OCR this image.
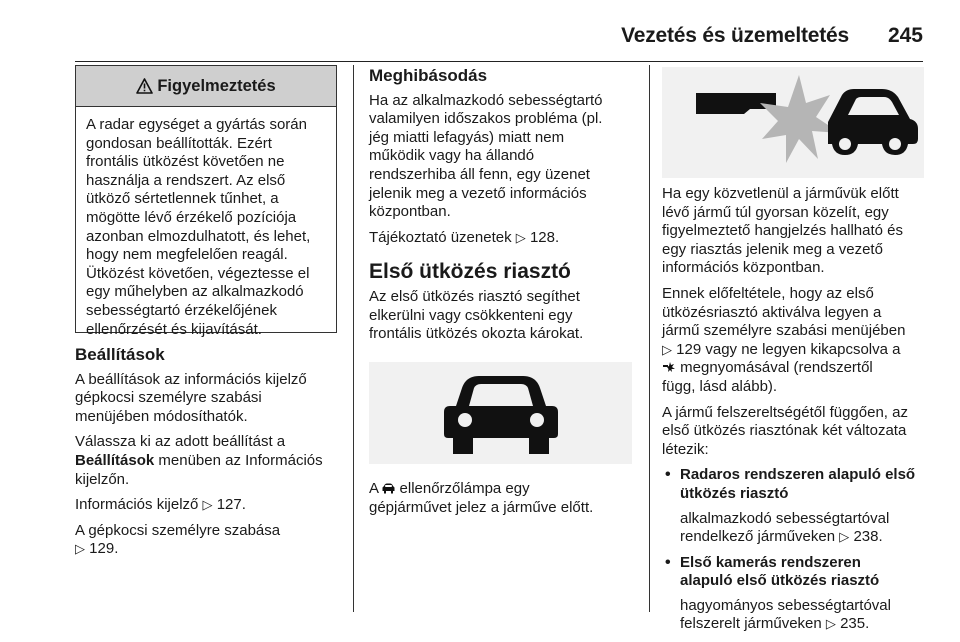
Vezetés és üzemeltetés 245
Figyelmeztetés
A radar egységet a gyártás során
gondosan beállították. Ezért
frontális ütközést követően ne
használja a rendszert. Az első
ütköző sértetlennek tűnhet, a
mögötte lévő érzékelő pozíciója
azonban elmozdulhatott, és lehet,
hogy nem megfelelően reagál.
Ütközést követően, végeztesse el
egy műhelyben az alkalmazkodó
sebességtartó érzékelőjének
ellenőrzését és kijavítását.
Beállítások

A beállítások az információs kijelző
gépkocsi személyre szabási
menüjében módosíthatók.

Válassza ki az adott beállítást a
Beállítások menüben az Információs
kijelzőn.

Információs kijelző ▷ 127.

A gépkocsi személyre szabása
▷ 129.

Meghibásodás

Ha az alkalmazkodó sebességtartó
valamilyen időszakos probléma (pl.
jég miatti lefagyás) miatt nem
működik vagy ha állandó
rendszerhiba áll fenn, egy üzenet
jelenik meg a vezető információs
központban.

Tájékoztató üzenetek ▷ 128.

Első ütközés riasztó

Az első ütközés riasztó segíthet
elkerülni vagy csökkenteni egy
frontális ütközés okozta károkat.

A  ellenőrzőlámpa egy
gépjárművet jelez a járműve előtt.

Ha egy közvetlenül a járművük előtt
lévő jármű túl gyorsan közelít, egy
figyelmeztető hangjelzés hallható és
egy riasztás jelenik meg a vezető
információs központban.

Ennek előfeltétele, hogy az első
ütközésriasztó aktiválva legyen a
jármű személyre szabási menüjében
▷ 129 vagy ne legyen kikapcsolva a
megnyomásával (rendszertől
függ, lásd alább).

A jármű felszereltségétől függően, az
első ütközés riasztónak két változata
létezik:

• Radaros rendszeren alapuló első
ütközés riasztó

alkalmazkodó sebességtartóval
rendelkező járműveken ▷ 238.

• Első kamerás rendszeren
alapuló első ütközés riasztó

hagyományos sebességtartóval
felszerelt járműveken ▷ 235.
